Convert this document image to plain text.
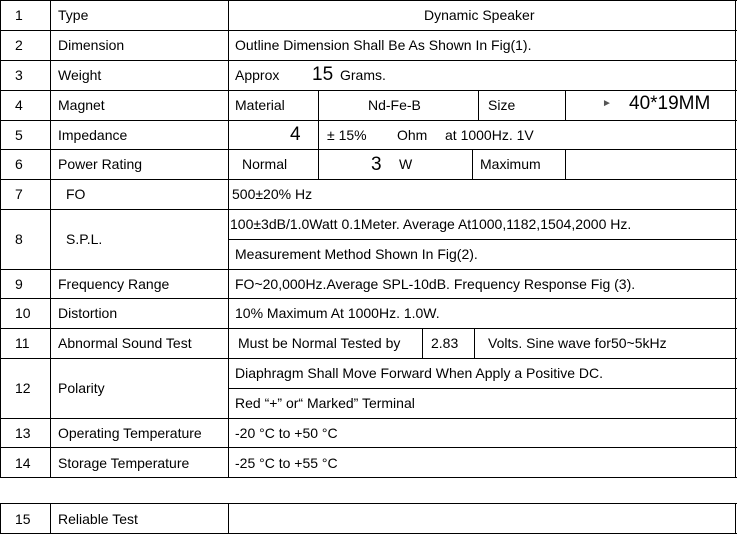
1	Type	Dynamic Speaker
2	Dimension	Outline Dimension Shall Be As Shown In Fig(1).
3	Weight	Approx 15 Grams.
4	Magnet	Material	Nd-Fe-B	Size	► 40*19MM
5	Impedance	4 ± 15% Ohm at 1000Hz. 1V
6	Power Rating	Normal	3 W	Maximum
7	FO	500±20% Hz
8	S.P.L.
100±3dB/1.0Watt 0.1Meter. Average At1000,1182,1504,2000 Hz.
Measurement Method Shown In Fig(2).
9	Frequency Range	FO~20,000Hz.Average SPL-10dB. Frequency Response Fig (3).
10 Distortion	10% Maximum At 1000Hz. 1.0W.
11 Abnormal Sound Test	Must be Normal Tested by 2.83 Volts. Sine wave for50~5kHz
12 Polarity
Diaphragm Shall Move Forward When Apply a Positive DC.
Red “+” or“ Marked” Terminal
13 Operating Temperature -20 °C to +50 °C
14 Storage Temperature	-25 °C to +55 °C
15 Reliable Test
